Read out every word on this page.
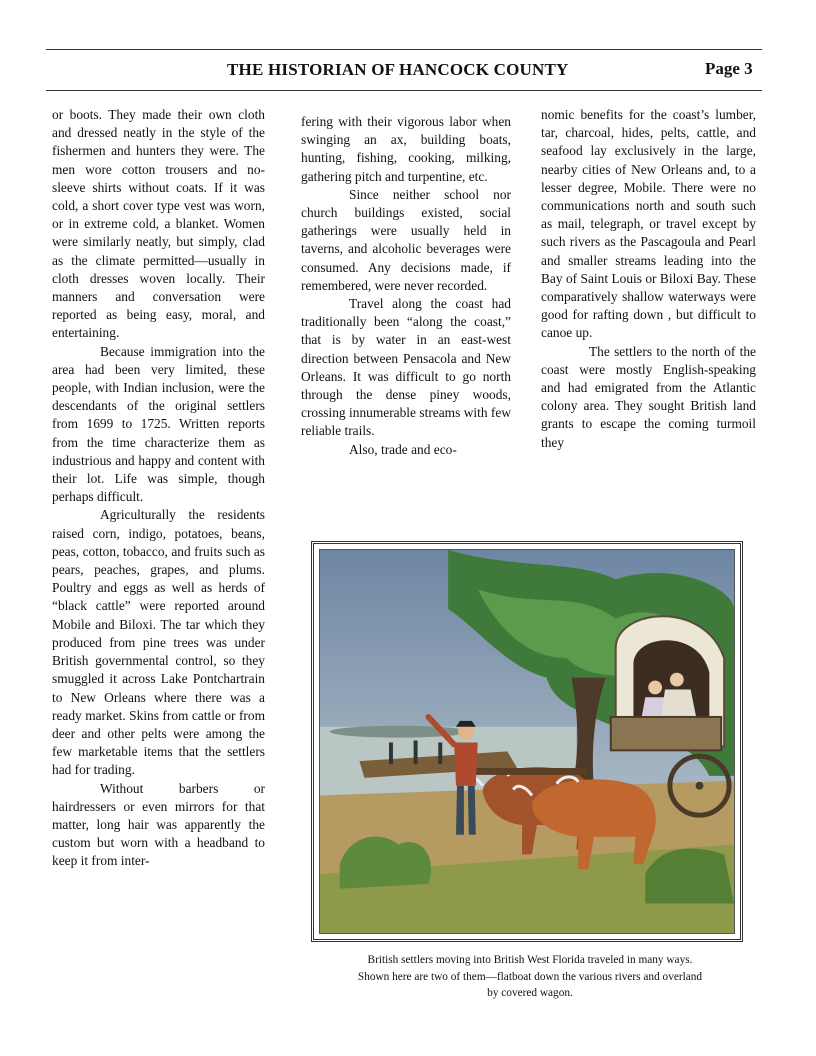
THE HISTORIAN OF HANCOCK COUNTY	Page 3

or boots. They made their own cloth and dressed neatly in the style of the fishermen and hunters they were. The men wore cotton trousers and no-sleeve shirts without coats. If it was cold, a short cover type vest was worn, or in extreme cold, a blanket. Women were similarly neatly, but simply, clad as the climate permitted—usually in cloth dresses woven locally. Their manners and conversation were reported as being easy, moral, and entertaining.

Because immigration into the area had been very limited, these people, with Indian inclusion, were the descendants of the original settlers from 1699 to 1725. Written reports from the time characterize them as industrious and happy and content with their lot. Life was simple, though perhaps difficult.

Agriculturally the residents raised corn, indigo, potatoes, beans, peas, cotton, tobacco, and fruits such as pears, peaches, grapes, and plums. Poultry and eggs as well as herds of “black cattle” were reported around Mobile and Biloxi. The tar which they produced from pine trees was under British governmental control, so they smuggled it across Lake Pontchartrain to New Orleans where there was a ready market. Skins from cattle or from deer and other pelts were among the few marketable items that the settlers had for trading.

Without barbers or hairdressers or even mirrors for that matter, long hair was apparently the custom but worn with a headband to keep it from inter-

fering with their vigorous labor when swinging an ax, building boats, hunting, fishing, cooking, milking, gathering pitch and turpentine, etc.

Since neither school nor church buildings existed, social gatherings were usually held in taverns, and alcoholic beverages were consumed. Any decisions made, if remembered, were never recorded.

Travel along the coast had traditionally been “along the coast,” that is by water in an east-west direction between Pensacola and New Orleans. It was difficult to go north through the dense piney woods, crossing innumerable streams with few reliable trails.

Also, trade and eco-

nomic benefits for the coast’s lumber, tar, charcoal, hides, pelts, cattle, and seafood lay exclusively in the large, nearby cities of New Orleans and, to a lesser degree, Mobile. There were no communications north and south such as mail, telegraph, or travel except by such rivers as the Pascagoula and Pearl and smaller streams leading into the Bay of Saint Louis or Biloxi Bay. These comparatively shallow waterways were good for rafting down , but difficult to canoe up.

The settlers to the north of the coast were mostly English-speaking and had emigrated from the Atlantic colony area. They sought British land grants to escape the coming turmoil they

British settlers moving into British West Florida traveled in many ways.
Shown here are two of them—flatboat down the various rivers and overland
by covered wagon.
